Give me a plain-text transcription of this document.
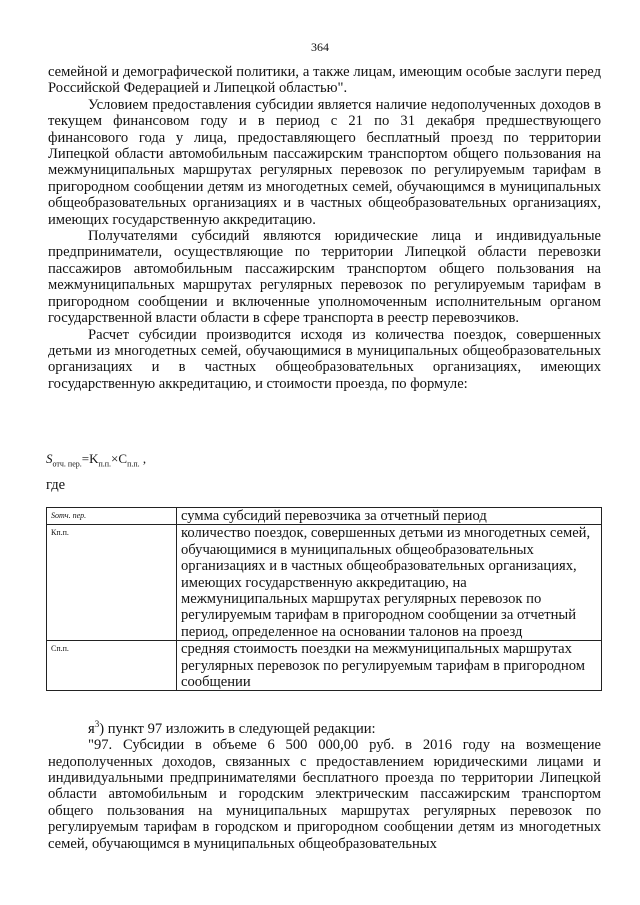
364

семейной и демографической политики, а также лицам, имеющим особые заслуги перед Российской Федерацией и Липецкой областью".

Условием предоставления субсидии является наличие недополученных доходов в текущем финансовом году и в период с 21 по 31 декабря предшествующего финансового года у лица, предоставляющего бесплатный проезд по территории Липецкой области автомобильным пассажирским транспортом общего пользования на межмуниципальных маршрутах регулярных перевозок по регулируемым тарифам в пригородном сообщении детям из многодетных семей, обучающимся в муниципальных общеобразовательных организациях и в частных общеобразовательных организациях, имеющих государственную аккредитацию.

Получателями субсидий являются юридические лица и индивидуальные предприниматели, осуществляющие по территории Липецкой области перевозки пассажиров автомобильным пассажирским транспортом общего пользования на межмуниципальных маршрутах регулярных перевозок по регулируемым тарифам в пригородном сообщении и включенные уполномоченным исполнительным органом государственной власти области в сфере транспорта в реестр перевозчиков.

Расчет субсидии производится исходя из количества поездок, совершенных детьми из многодетных семей, обучающимися в муниципальных общеобразовательных организациях и в частных общеобразовательных организациях, имеющих государственную аккредитацию, и стоимости проезда, по формуле:

$S_{отч. пер.}=K_{п.п.}\times C_{п.п.}$ ,
где
Sотч. пер.	сумма субсидий перевозчика за отчетный период
Кп.п.	количество поездок, совершенных детьми из многодетных семей, обучающимися в муниципальных общеобразовательных организациях и в частных общеобразовательных организациях, имеющих государственную аккредитацию, на межмуниципальных маршрутах регулярных перевозок по регулируемым тарифам в пригородном сообщении за отчетный период, определенное на основании талонов на проезд
Сп.п.	средняя стоимость поездки на межмуниципальных маршрутах регулярных перевозок по регулируемым тарифам в пригородном сообщении

$я^3$) пункт 97 изложить в следующей редакции:

"97. Субсидии в объеме 6 500 000,00 руб. в 2016 году на возмещение недополученных доходов, связанных с предоставлением юридическими лицами и индивидуальными предпринимателями бесплатного проезда по территории Липецкой области автомобильным и городским электрическим пассажирским транспортом общего пользования на муниципальных маршрутах регулярных перевозок по регулируемым тарифам в городском и пригородном сообщении детям из многодетных семей, обучающимся в муниципальных общеобразовательных
